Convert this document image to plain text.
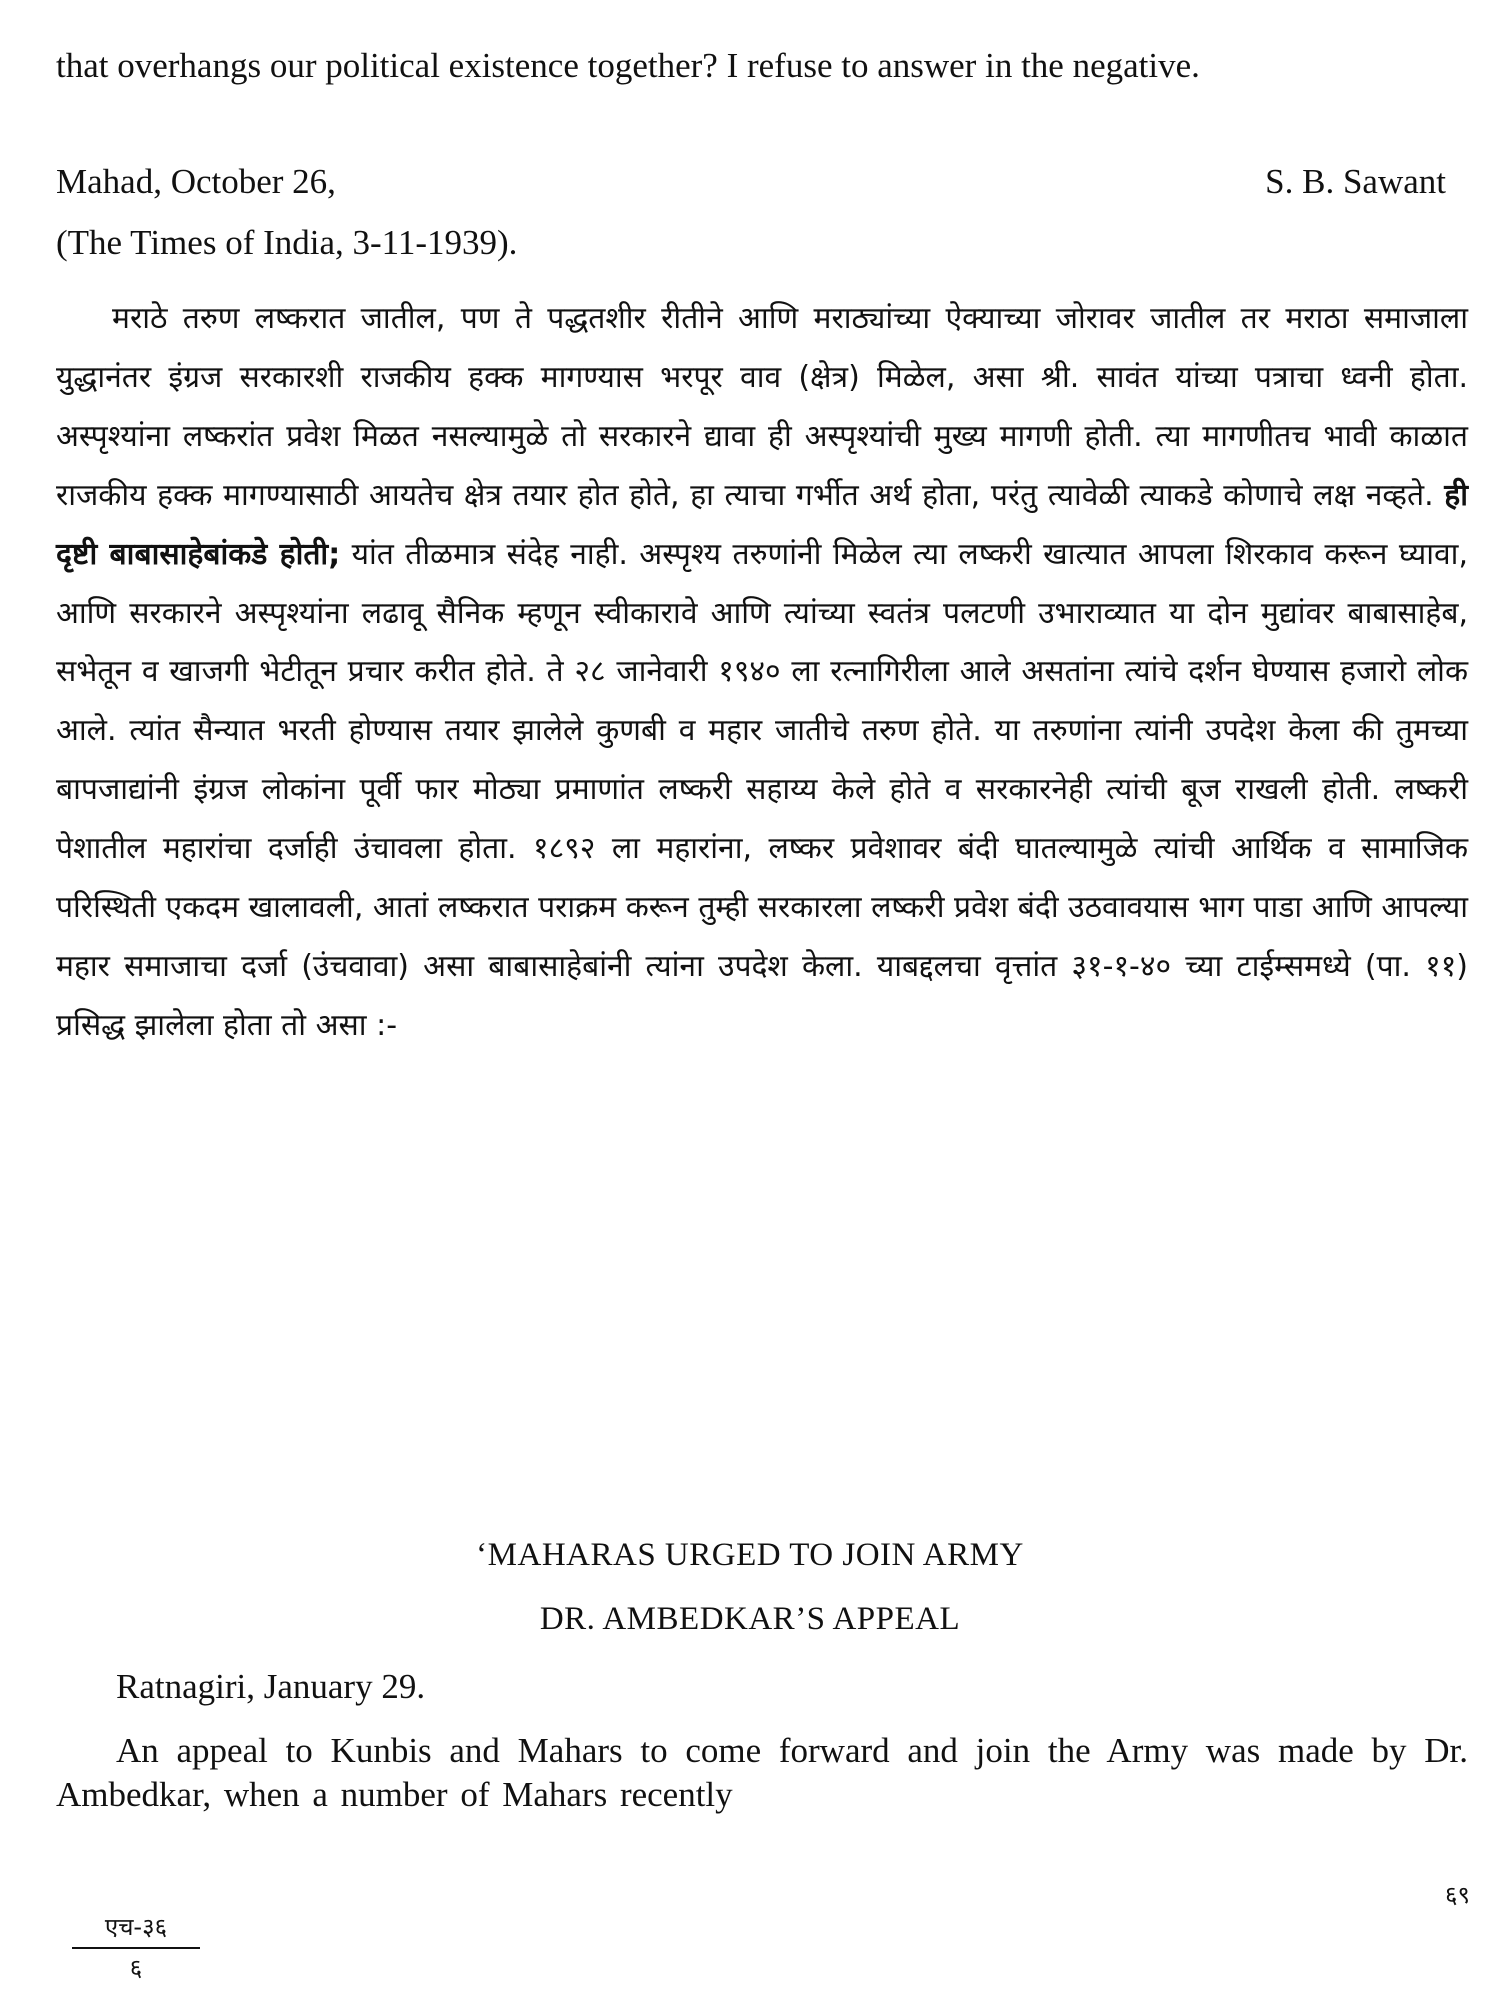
that overhangs our political existence together? I refuse to answer in the negative.

Mahad, October 26,	S. B. Sawant

(The Times of India, 3-11-1939).

मराठे तरुण लष्करात जातील, पण ते पद्धतशीर रीतीने आणि मराठ्यांच्या ऐक्याच्या जोरावर जातील तर मराठा समाजाला युद्धानंतर इंग्रज सरकारशी राजकीय हक्क मागण्यास भरपूर वाव (क्षेत्र) मिळेल, असा श्री. सावंत यांच्या पत्राचा ध्वनी होता. अस्पृश्यांना लष्करांत प्रवेश मिळत नसल्यामुळे तो सरकारने द्यावा ही अस्पृश्यांची मुख्य मागणी होती. त्या मागणीतच भावी काळात राजकीय हक्क मागण्यासाठी आयतेच क्षेत्र तयार होत होते, हा त्याचा गर्भीत अर्थ होता, परंतु त्यावेळी त्याकडे कोणाचे लक्ष नव्हते. ही दृष्टी बाबासाहेबांकडे होती; यांत तीळमात्र संदेह नाही. अस्पृश्य तरुणांनी मिळेल त्या लष्करी खात्यात आपला शिरकाव करून घ्यावा, आणि सरकारने अस्पृश्यांना लढावू सैनिक म्हणून स्वीकारावे आणि त्यांच्या स्वतंत्र पलटणी उभाराव्यात या दोन मुद्यांवर बाबासाहेब, सभेतून व खाजगी भेटीतून प्रचार करीत होते. ते २८ जानेवारी १९४० ला रत्नागिरीला आले असतांना त्यांचे दर्शन घेण्यास हजारो लोक आले. त्यांत सैन्यात भरती होण्यास तयार झालेले कुणबी व महार जातीचे तरुण होते. या तरुणांना त्यांनी उपदेश केला की तुमच्या बापजाद्यांनी इंग्रज लोकांना पूर्वी फार मोठ्या प्रमाणांत लष्करी सहाय्य केले होते व सरकारनेही त्यांची बूज राखली होती. लष्करी पेशातील महारांचा दर्जाही उंचावला होता. १८९२ ला महारांना, लष्कर प्रवेशावर बंदी घातल्यामुळे त्यांची आर्थिक व सामाजिक परिस्थिती एकदम खालावली, आतां लष्करात पराक्रम करून तुम्ही सरकारला लष्करी प्रवेश बंदी उठवावयास भाग पाडा आणि आपल्या महार समाजाचा दर्जा (उंचवावा) असा बाबासाहेबांनी त्यांना उपदेश केला. याबद्दलचा वृत्तांत ३१-१-४० च्या टाईम्समध्ये (पा. ११) प्रसिद्ध झालेला होता तो असा :-

‘MAHARAS URGED TO JOIN ARMY
DR. AMBEDKAR’S APPEAL

Ratnagiri, January 29.

An appeal to Kunbis and Mahars to come forward and join the Army was made by Dr. Ambedkar, when a number of Mahars recently

६९
एच-३६
६
